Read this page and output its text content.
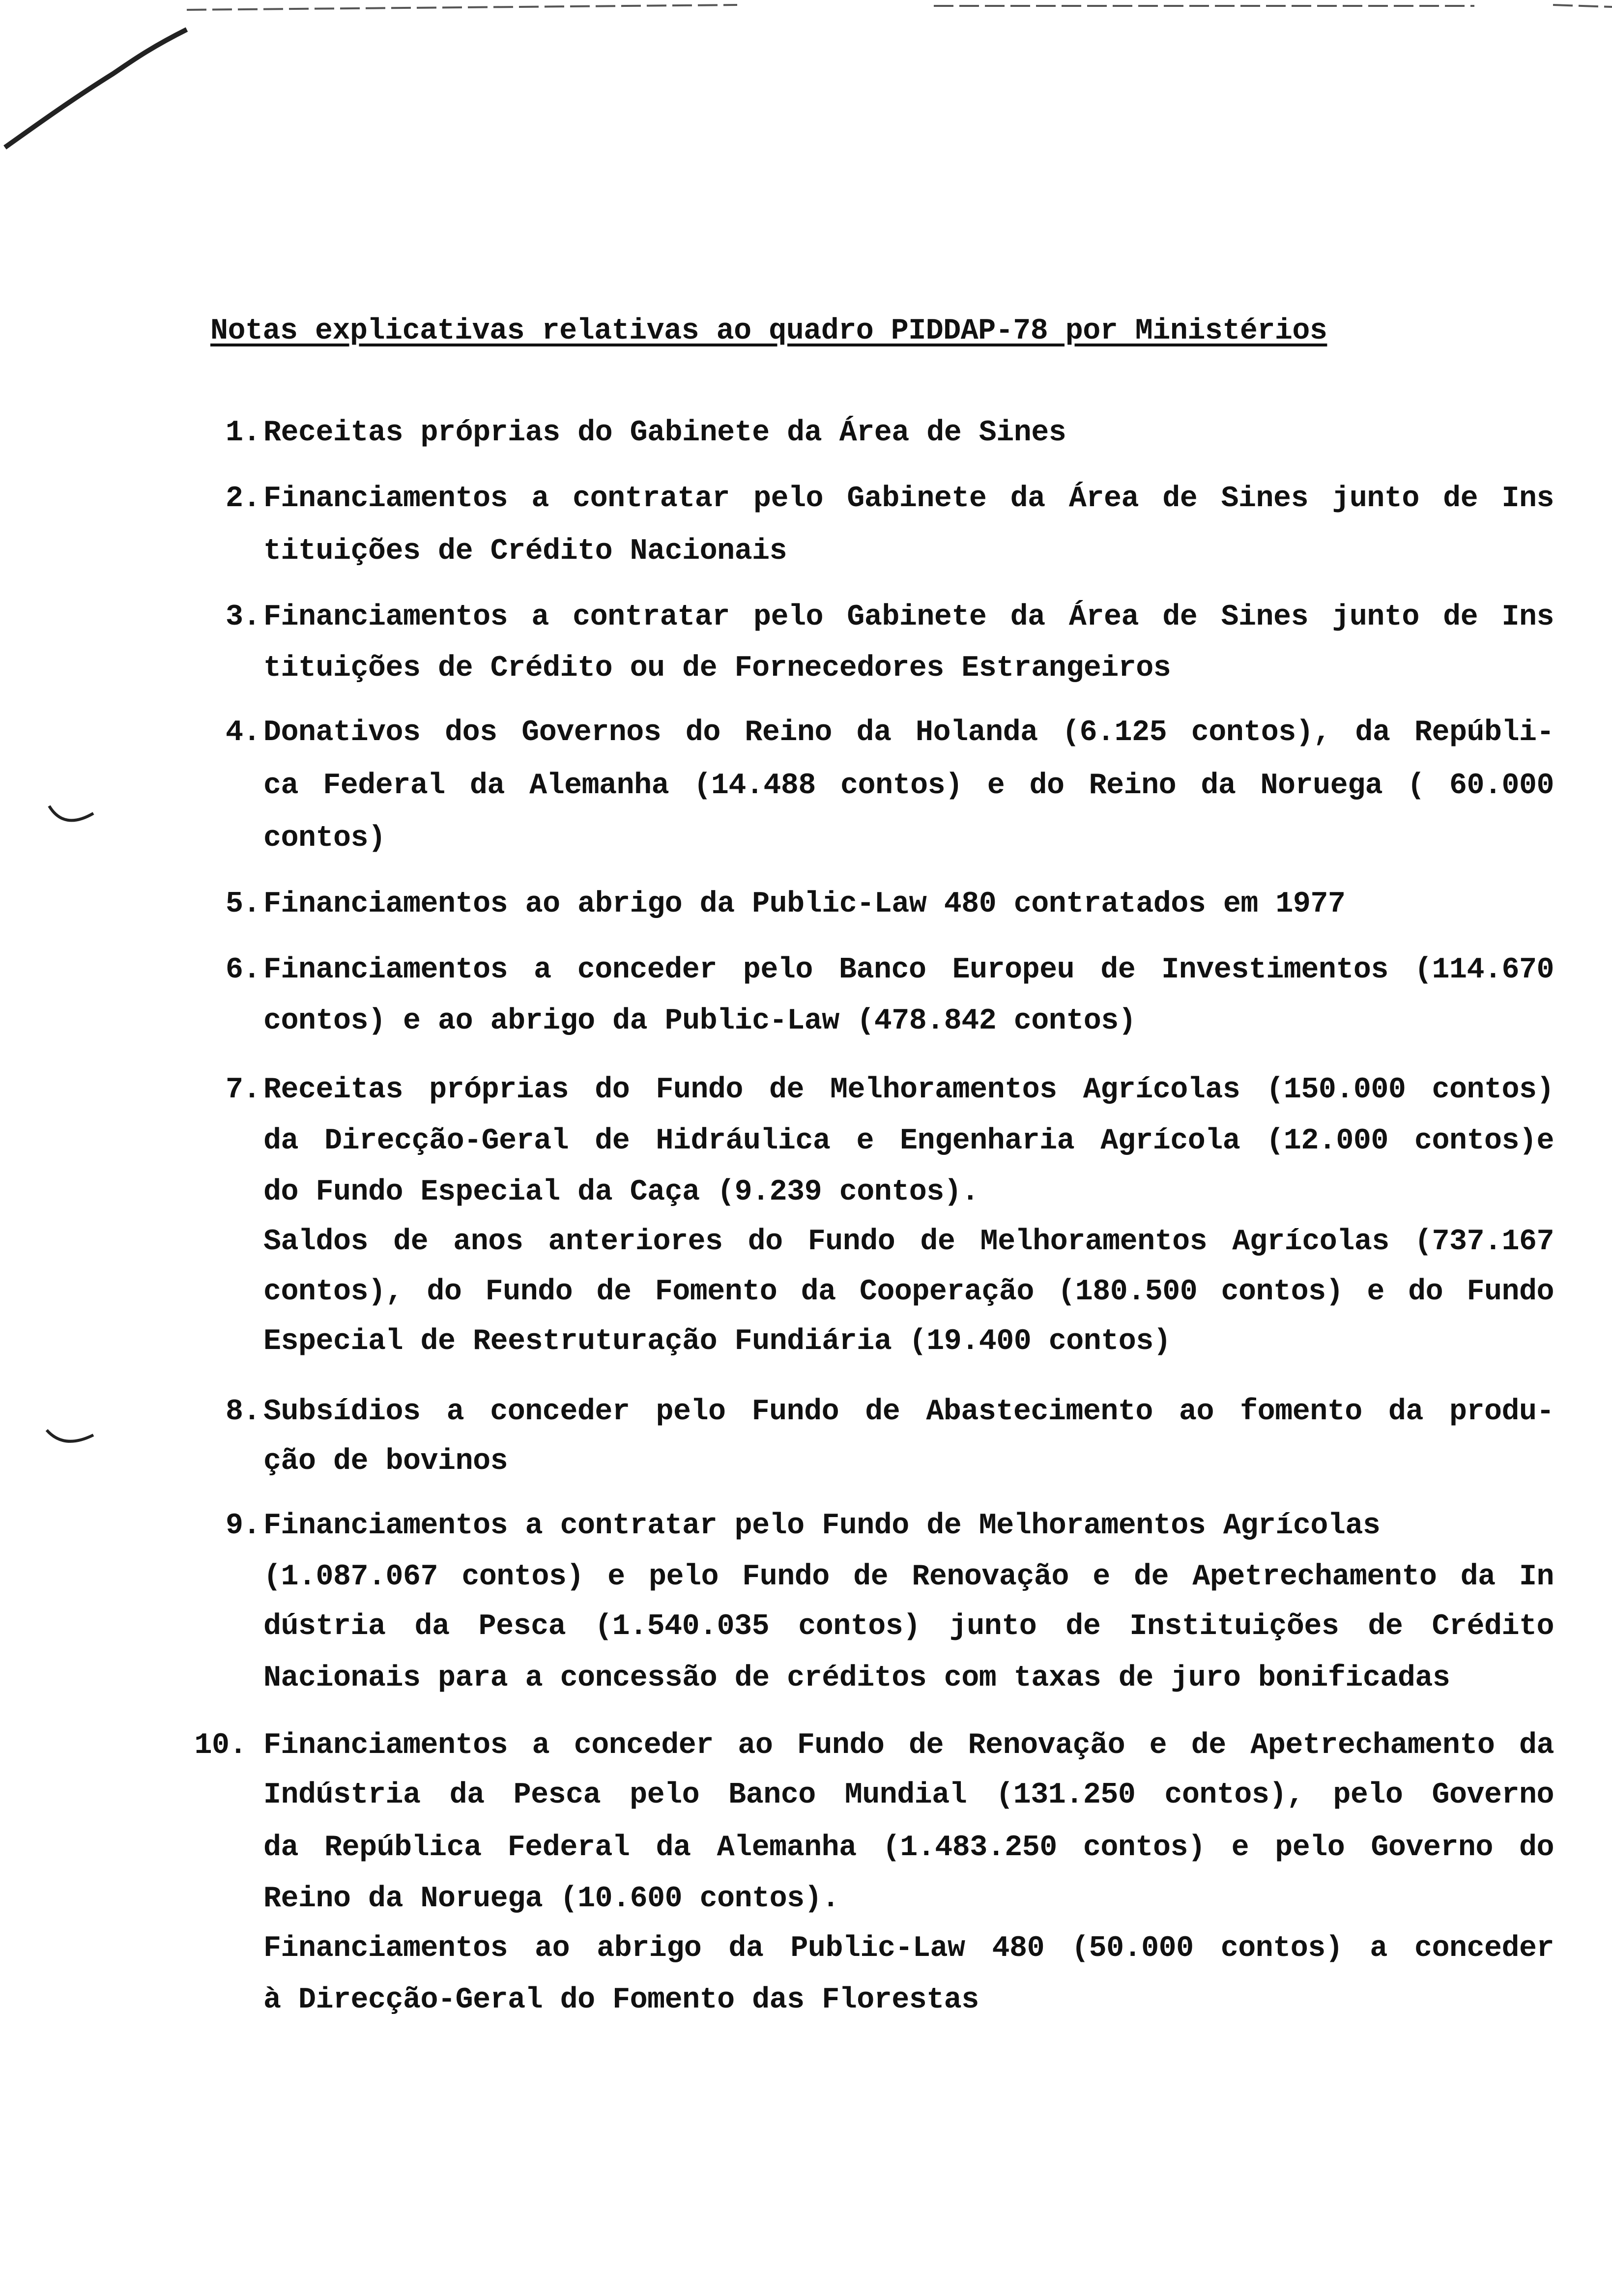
Notas explicativas relativas ao quadro PIDDAP-78 por Ministérios
1. Receitas próprias do Gabinete da Área de Sines
2. Financiamentos a contratar pelo Gabinete da Área de Sines junto de Ins
tituições de Crédito Nacionais
3. Financiamentos a contratar pelo Gabinete da Área de Sines junto de Ins
tituições de Crédito ou de Fornecedores Estrangeiros
4. Donativos dos Governos do Reino da Holanda (6.125 contos), da Repúbli-
ca Federal da Alemanha (14.488 contos) e do Reino da Noruega ( 60.000
contos)
5. Financiamentos ao abrigo da Public-Law 480 contratados em 1977
6. Financiamentos a conceder pelo Banco Europeu de Investimentos (114.670
contos) e ao abrigo da Public-Law (478.842 contos)
7. Receitas próprias do Fundo de Melhoramentos Agrícolas (150.000 contos)
da Direcção-Geral de Hidráulica e Engenharia Agrícola (12.000 contos)e
do Fundo Especial da Caça (9.239 contos).
Saldos de anos anteriores do Fundo de Melhoramentos Agrícolas (737.167
contos), do Fundo de Fomento da Cooperação (180.500 contos) e do Fundo
Especial de Reestruturação Fundiária (19.400 contos)
8. Subsídios a conceder pelo Fundo de Abastecimento ao fomento da produ-
ção de bovinos
9. Financiamentos a contratar pelo Fundo de Melhoramentos Agrícolas
(1.087.067 contos) e pelo Fundo de Renovação e de Apetrechamento da In
dústria da Pesca (1.540.035 contos) junto de Instituições de Crédito
Nacionais para a concessão de créditos com taxas de juro bonificadas
10. Financiamentos a conceder ao Fundo de Renovação e de Apetrechamento da
Indústria da Pesca pelo Banco Mundial (131.250 contos), pelo Governo
da República Federal da Alemanha (1.483.250 contos) e pelo Governo do
Reino da Noruega (10.600 contos).
Financiamentos ao abrigo da Public-Law 480 (50.000 contos) a conceder
à Direcção-Geral do Fomento das Florestas
